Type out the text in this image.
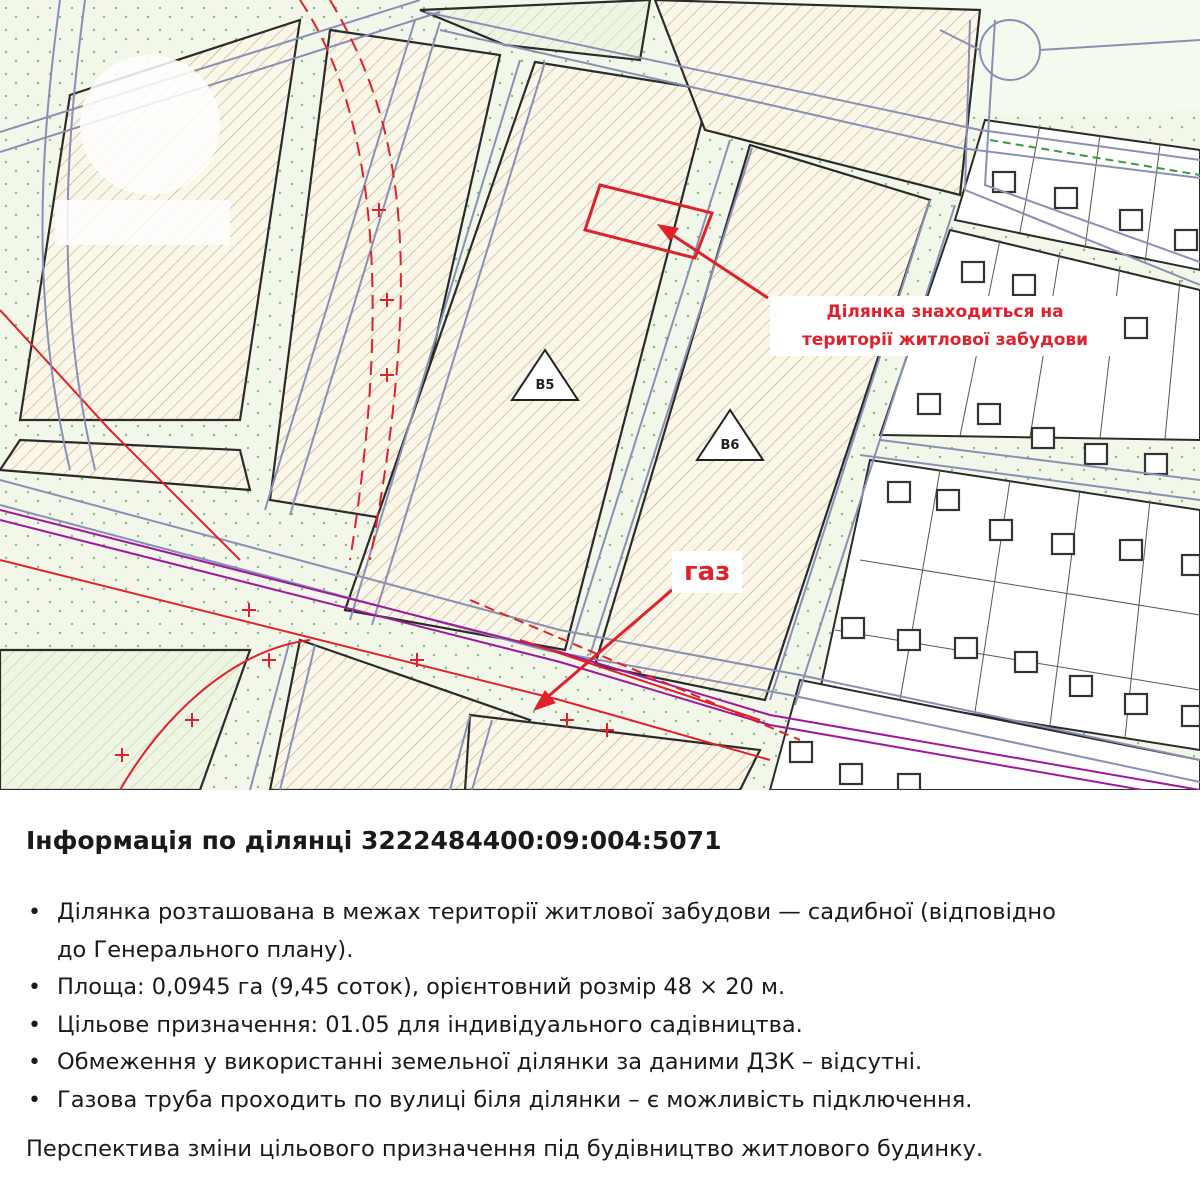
В5
В6
Ділянка знаходиться на
території житлової забудови
газ
Інформація по ділянці 3222484400:09:004:5071
• Ділянка розташована в межах території житлової забудови — садибної (відповідно
до Генерального плану).
• Площа: 0,0945 га (9,45 соток), орієнтовний розмір 48 × 20 м.
• Цільове призначення: 01.05 для індивідуального садівництва.
• Обмеження у використанні земельної ділянки за даними ДЗК – відсутні.
• Газова труба проходить по вулиці біля ділянки – є можливість підключення.

Перспектива зміни цільового призначення під будівництво житлового будинку.
